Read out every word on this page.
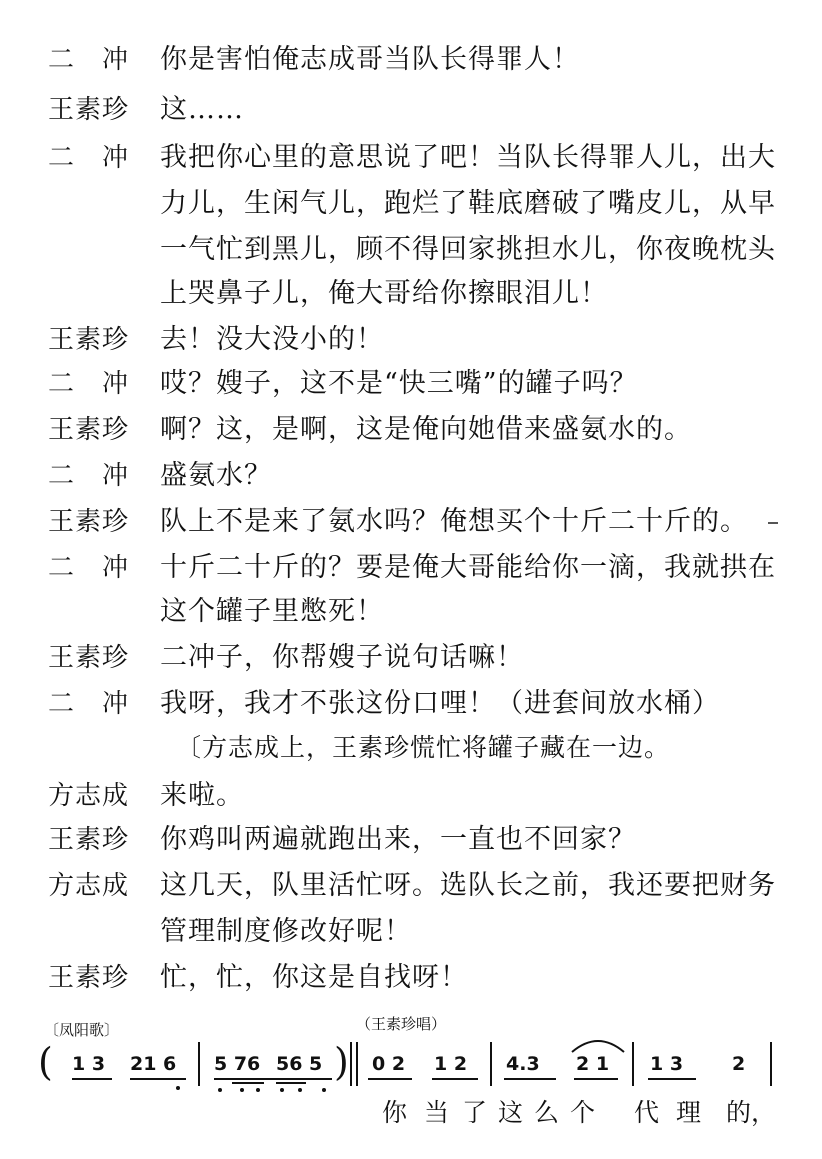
二　冲 你是害怕俺志成哥当队长得罪人！
王素珍 这……
二　冲 我把你心里的意思说了吧！当队长得罪人儿，出大
力儿，生闲气儿，跑烂了鞋底磨破了嘴皮儿，从早
一气忙到黑儿，顾不得回家挑担水儿，你夜晚枕头
上哭鼻子儿，俺大哥给你擦眼泪儿！
王素珍 去！没大没小的！
二　冲 哎？嫂子，这不是“快三嘴”的罐子吗？
王素珍 啊？这，是啊，这是俺向她借来盛氨水的。
二　冲 盛氨水？
王素珍 队上不是来了氨水吗？俺想买个十斤二十斤的。
二　冲 十斤二十斤的？要是俺大哥能给你一滴，我就拱在
这个罐子里憋死！
王素珍 二冲子，你帮嫂子说句话嘛！
二　冲 我呀，我才不张这份口哩！（进套间放水桶）
〔方志成上，王素珍慌忙将罐子藏在一边。
方志成 来啦。
王素珍 你鸡叫两遍就跑出来，一直也不回家？
方志成 这几天，队里活忙呀。选队长之前，我还要把财务
管理制度修改好呢！
王素珍 忙，忙，你这是自找呀！
〔凤阳歌〕	（王素珍唱）
( 1 3 21 6 5 76 56 5 ) 0 2 1 2 4.3 2 1 1 3	2
你 当 了 这 么 个 代 理 的，
